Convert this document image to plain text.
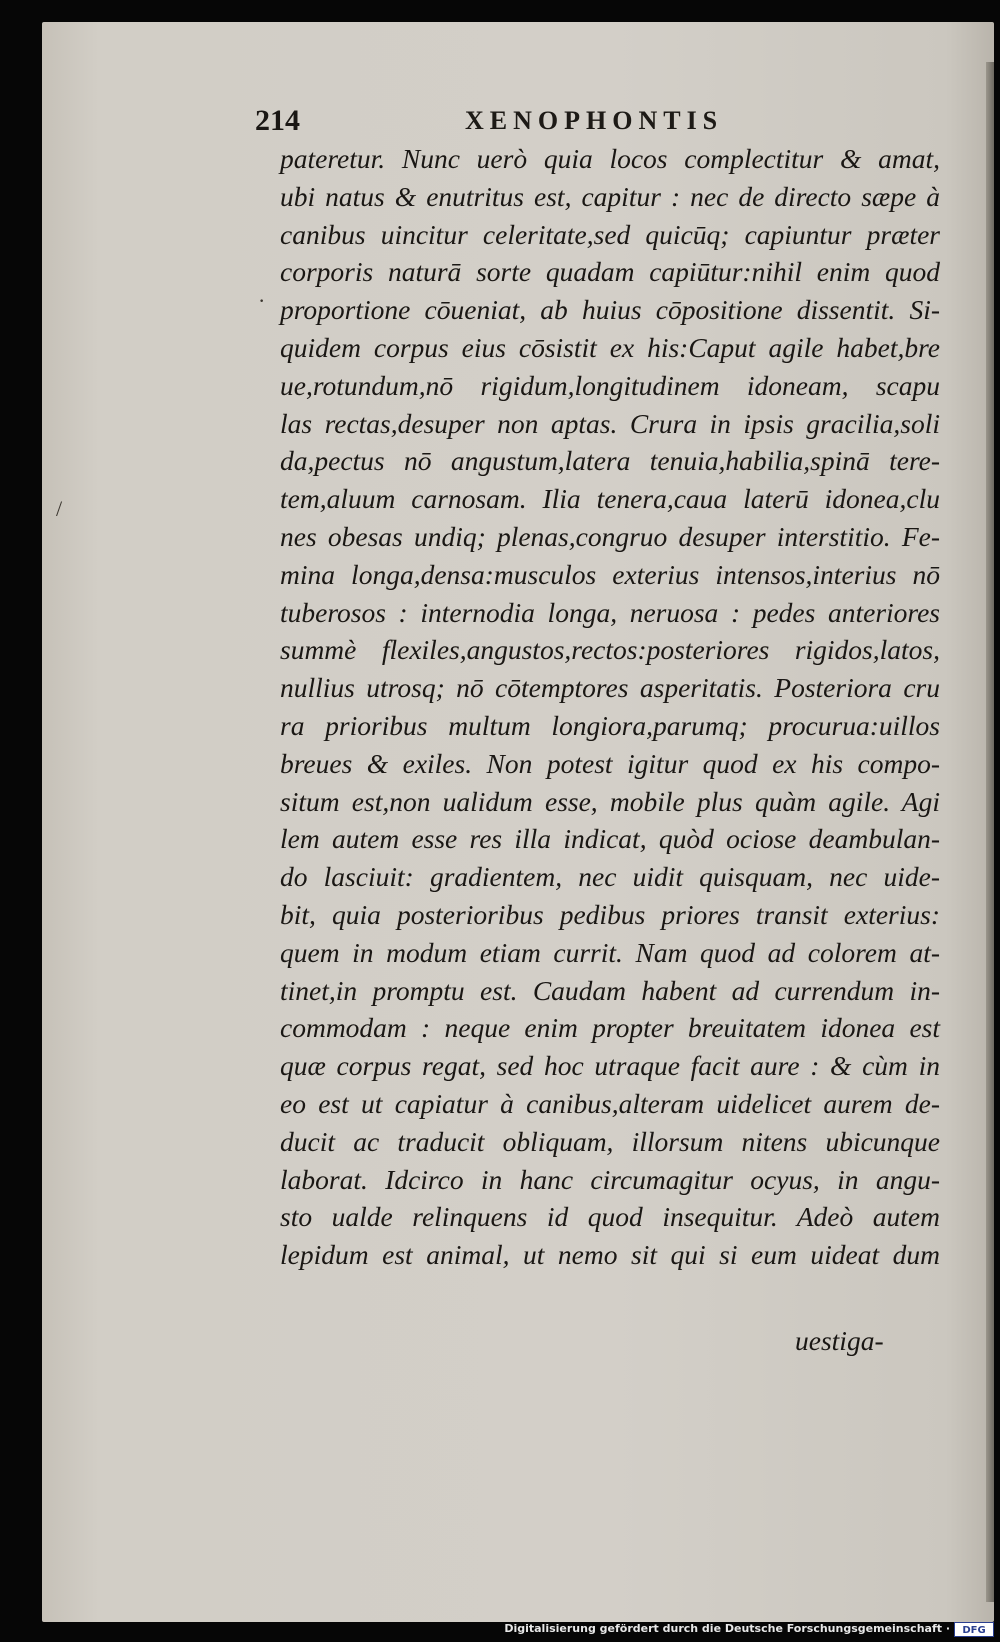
214	XENOPHONTIS
·
/
pateretur. Nunc uerò quia locos complectitur & amat,
ubi natus & enutritus est, capitur : nec de directo sæpe à
canibus uincitur celeritate,sed quicūq; capiuntur præter
corporis naturā sorte quadam capiūtur:nihil enim quod
proportione cōueniat, ab huius cōpositione dissentit. Si-
quidem corpus eius cōsistit ex his:Caput agile habet,bre
ue,rotundum,nō rigidum,longitudinem idoneam, scapu
las rectas,desuper non aptas. Crura in ipsis gracilia,soli
da,pectus nō angustum,latera tenuia,habilia,spinā tere-
tem,aluum carnosam. Ilia tenera,caua laterū idonea,clu
nes obesas undiq; plenas,congruo desuper interstitio. Fe-
mina longa,densa:musculos exterius intensos,interius nō
tuberosos : internodia longa, neruosa : pedes anteriores
summè flexiles,angustos,rectos:posteriores rigidos,latos,
nullius utrosq; nō cōtemptores asperitatis. Posteriora cru
ra prioribus multum longiora,parumq; procurua:uillos
breues & exiles. Non potest igitur quod ex his compo-
situm est,non ualidum esse, mobile plus quàm agile. Agi
lem autem esse res illa indicat, quòd ociose deambulan-
do lasciuit: gradientem, nec uidit quisquam, nec uide-
bit, quia posterioribus pedibus priores transit exterius:
quem in modum etiam currit. Nam quod ad colorem at-
tinet,in promptu est. Caudam habent ad currendum in-
commodam : neque enim propter breuitatem idonea est
quæ corpus regat, sed hoc utraque facit aure : & cùm in
eo est ut capiatur à canibus,alteram uidelicet aurem de-
ducit ac traducit obliquam, illorsum nitens ubicunque
laborat. Idcirco in hanc circumagitur ocyus, in angu-
sto ualde relinquens id quod insequitur. Adeò autem
lepidum est animal, ut nemo sit qui si eum uideat dum
uestiga-
Digitalisierung gefördert durch die Deutsche Forschungsgemeinschaft ·	DFG
